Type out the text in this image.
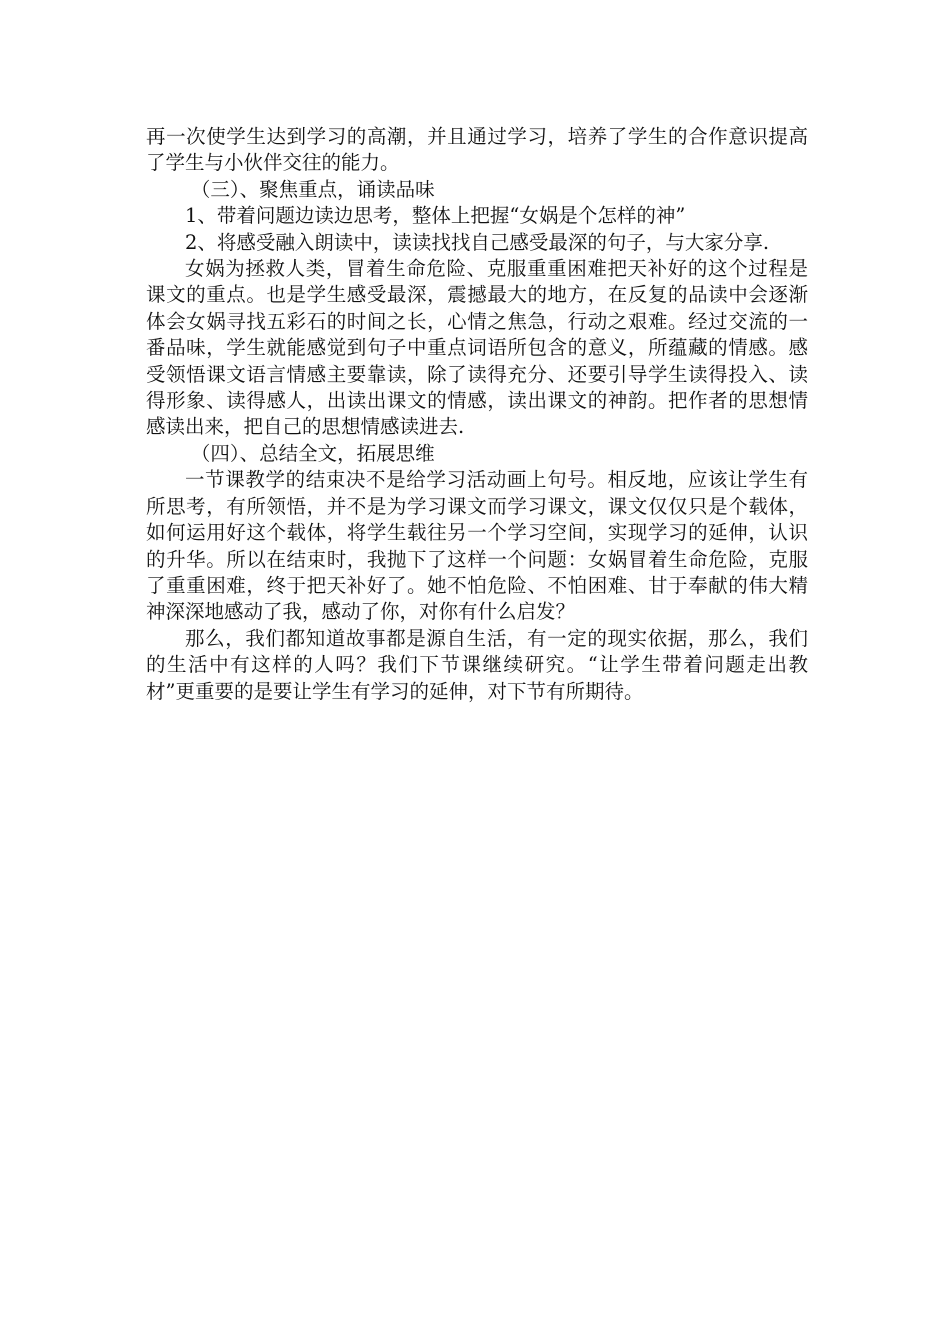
再一次使学生达到学习的高潮，并且通过学习，培养了学生的合作意识提高了学生与小伙伴交往的能力。

（三）、聚焦重点，诵读品味

1、带着问题边读边思考，整体上把握“女娲是个怎样的神”

2、将感受融入朗读中，读读找找自己感受最深的句子，与大家分享.

女娲为拯救人类，冒着生命危险、克服重重困难把天补好的这个过程是课文的重点。也是学生感受最深，震撼最大的地方，在反复的品读中会逐渐体会女娲寻找五彩石的时间之长，心情之焦急，行动之艰难。经过交流的一番品味，学生就能感觉到句子中重点词语所包含的意义，所蕴藏的情感。感受领悟课文语言情感主要靠读，除了读得充分、还要引导学生读得投入、读得形象、读得感人，出读出课文的情感，读出课文的神韵。把作者的思想情感读出来，把自己的思想情感读进去.

（四）、总结全文，拓展思维

一节课教学的结束决不是给学习活动画上句号。相反地，应该让学生有所思考，有所领悟，并不是为学习课文而学习课文，课文仅仅只是个载体，如何运用好这个载体，将学生载往另一个学习空间，实现学习的延伸，认识的升华。所以在结束时，我抛下了这样一个问题：女娲冒着生命危险，克服了重重困难，终于把天补好了。她不怕危险、不怕困难、甘于奉献的伟大精神深深地感动了我，感动了你，对你有什么启发？

那么，我们都知道故事都是源自生活，有一定的现实依据，那么，我们的生活中有这样的人吗？我们下节课继续研究。“让学生带着问题走出教材”更重要的是要让学生有学习的延伸，对下节有所期待。
